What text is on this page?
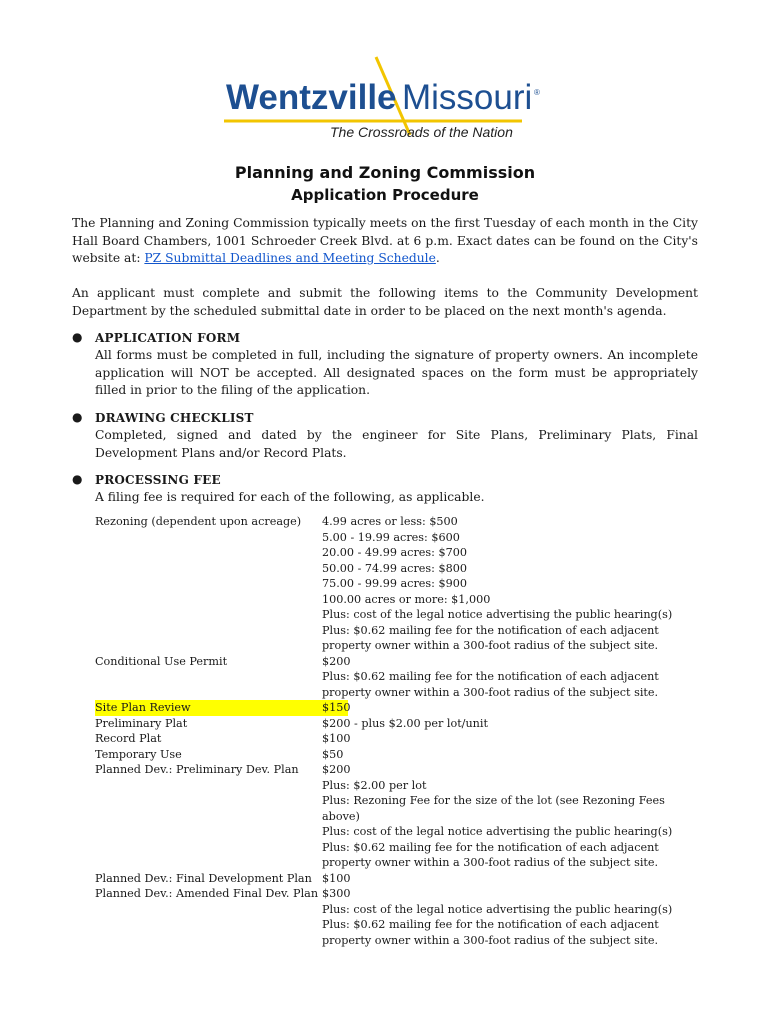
Wentzville Missouri ®
The Crossroads of the Nation
Planning and Zoning Commission
Application Procedure
The Planning and Zoning Commission typically meets on the first Tuesday of each month in the City Hall Board Chambers, 1001 Schroeder Creek Blvd. at 6 p.m. Exact dates can be found on the City's website at: PZ Submittal Deadlines and Meeting Schedule.
An applicant must complete and submit the following items to the Community Development Department by the scheduled submittal date in order to be placed on the next month's agenda.
● APPLICATION FORM
All forms must be completed in full, including the signature of property owners. An incomplete application will NOT be accepted. All designated spaces on the form must be appropriately filled in prior to the filing of the application.
● DRAWING CHECKLIST
Completed, signed and dated by the engineer for Site Plans, Preliminary Plats, Final Development Plans and/or Record Plats.
● PROCESSING FEE
A filing fee is required for each of the following, as applicable.
Rezoning (dependent upon acreage)	4.99 acres or less: $500
5.00 - 19.99 acres: $600
20.00 - 49.99 acres: $700
50.00 - 74.99 acres: $800
75.00 - 99.99 acres: $900
100.00 acres or more: $1,000
Plus: cost of the legal notice advertising the public hearing(s)
Plus: $0.62 mailing fee for the notification of each adjacent
property owner within a 300-foot radius of the subject site.
Conditional Use Permit	$200
Plus: $0.62 mailing fee for the notification of each adjacent
property owner within a 300-foot radius of the subject site.
Site Plan Review	$150
Preliminary Plat	$200 - plus $2.00 per lot/unit
Record Plat	$100
Temporary Use	$50
Planned Dev.: Preliminary Dev. Plan	$200
Plus: $2.00 per lot
Plus: Rezoning Fee for the size of the lot (see Rezoning Fees above)
Plus: cost of the legal notice advertising the public hearing(s)
Plus: $0.62 mailing fee for the notification of each adjacent
property owner within a 300-foot radius of the subject site.
Planned Dev.: Final Development Plan $100
Planned Dev.: Amended Final Dev. Plan $300
Plus: cost of the legal notice advertising the public hearing(s)
Plus: $0.62 mailing fee for the notification of each adjacent
property owner within a 300-foot radius of the subject site.
